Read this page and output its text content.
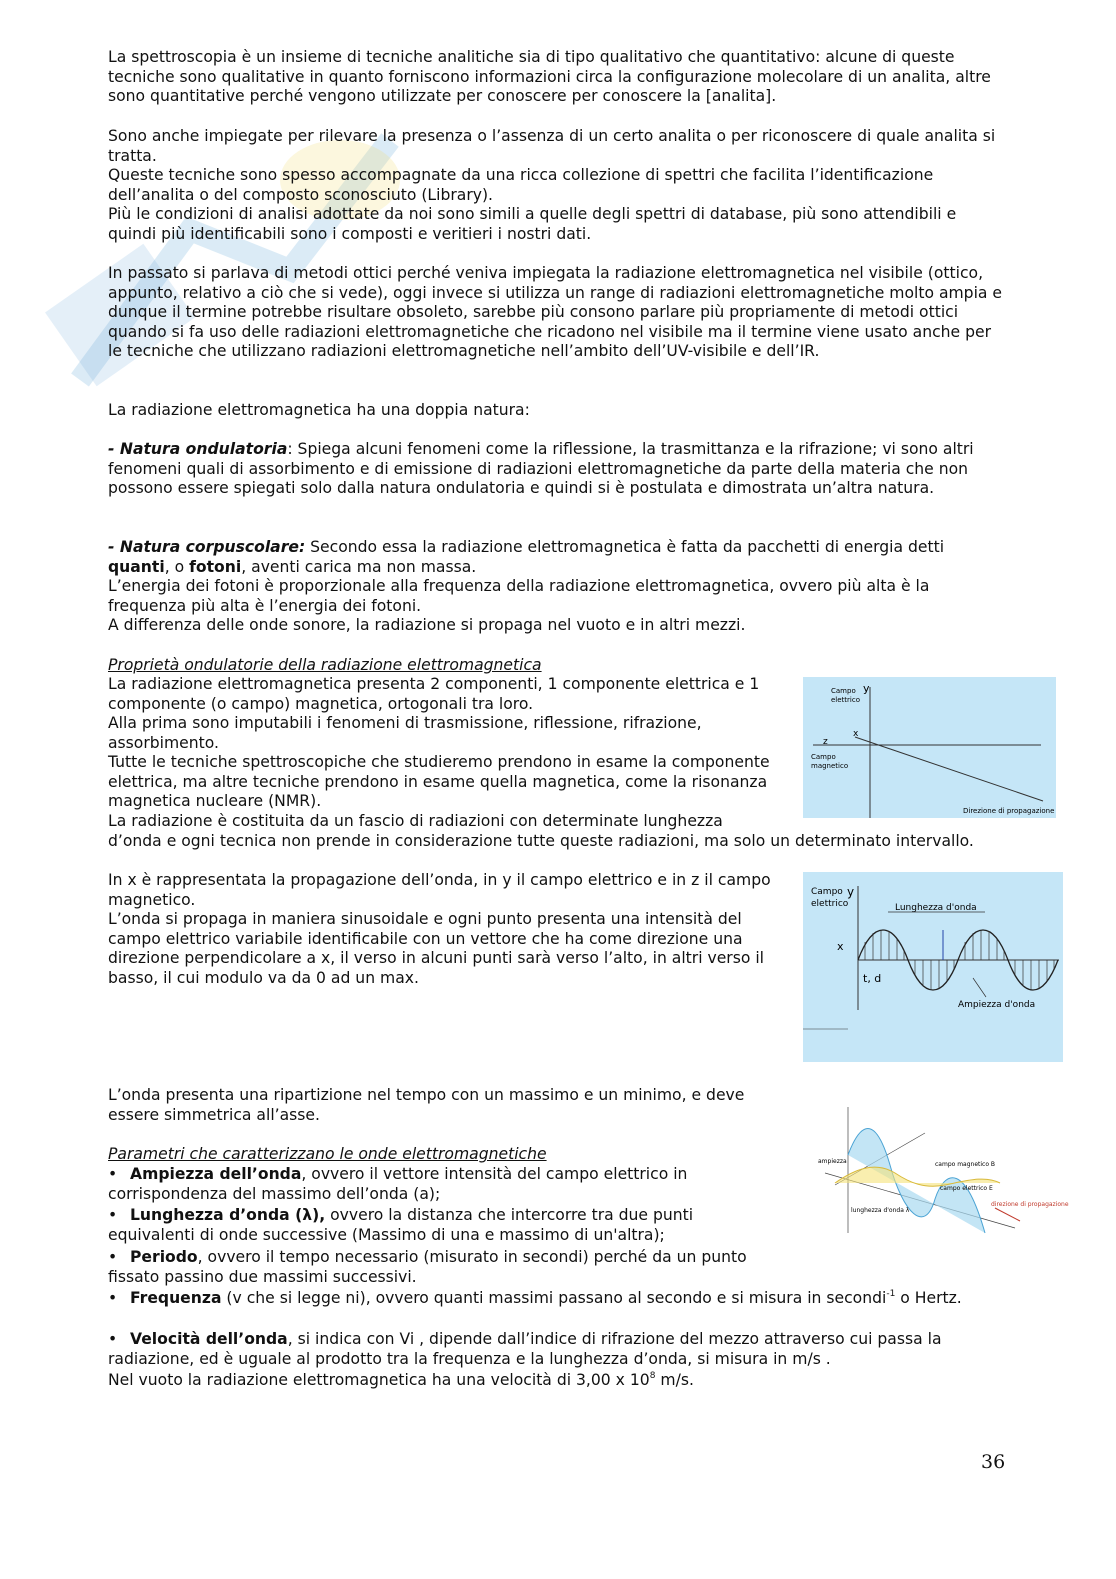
La spettroscopia è un insieme di tecniche analitiche sia di tipo qualitativo che quantitativo: alcune di queste tecniche sono qualitative in quanto forniscono informazioni circa la configurazione molecolare di un analita, altre sono quantitative perché vengono utilizzate per conoscere per conoscere la [analita].

Sono anche impiegate per rilevare la presenza o l’assenza di un certo analita o per riconoscere di quale analita si tratta.

Queste tecniche sono spesso accompagnate da una ricca collezione di spettri che facilita l’identificazione dell’analita o del composto sconosciuto (Library).

Più le condizioni di analisi adottate da noi sono simili a quelle degli spettri di database, più sono attendibili e quindi più identificabili sono i composti e veritieri i nostri dati.

In passato si parlava di metodi ottici perché veniva impiegata la radiazione elettromagnetica nel visibile (ottico, appunto, relativo a ciò che si vede), oggi invece si utilizza un range di radiazioni elettromagnetiche molto ampia e dunque il termine potrebbe risultare obsoleto, sarebbe più consono parlare più propriamente di metodi ottici quando si fa uso delle radiazioni elettromagnetiche che ricadono nel visibile ma il termine viene usato anche per le tecniche che utilizzano radiazioni elettromagnetiche nell’ambito dell’UV-visibile e dell’IR.

La radiazione elettromagnetica ha una doppia natura:

- Natura ondulatoria: Spiega alcuni fenomeni come la riflessione, la trasmittanza e la rifrazione; vi sono altri fenomeni quali di assorbimento e di emissione di radiazioni elettromagnetiche da parte della materia che non possono essere spiegati solo dalla natura ondulatoria e quindi si è postulata e dimostrata un’altra natura.

- Natura corpuscolare: Secondo essa la radiazione elettromagnetica è fatta da pacchetti di energia detti quanti, o fotoni, aventi carica ma non massa.

L’energia dei fotoni è proporzionale alla frequenza della radiazione elettromagnetica, ovvero più alta è la frequenza più alta è l’energia dei fotoni.

A differenza delle onde sonore, la radiazione si propaga nel vuoto e in altri mezzi.

Proprietà ondulatorie della radiazione elettromagnetica

La radiazione elettromagnetica presenta 2 componenti, 1 componente elettrica e 1 componente (o campo) magnetica, ortogonali tra loro.

Alla prima sono imputabili i fenomeni di trasmissione, riflessione, rifrazione, assorbimento.

Tutte le tecniche spettroscopiche che studieremo prendono in esame la componente elettrica, ma altre tecniche prendono in esame quella magnetica, come la risonanza magnetica nucleare (NMR).

La radiazione è costituita da un fascio di radiazioni con determinate lunghezza

d’onda e ogni tecnica non prende in considerazione tutte queste radiazioni, ma solo un determinato intervallo.

In x è rappresentata la propagazione dell’onda, in y il campo elettrico e in z il campo magnetico.

L’onda si propaga in maniera sinusoidale e ogni punto presenta una intensità del campo elettrico variabile identificabile con un vettore che ha come direzione una direzione perpendicolare a x, il verso in alcuni punti sarà verso l’alto, in altri verso il basso, il cui modulo va da 0 ad un max.

L’onda presenta una ripartizione nel tempo con un massimo e un minimo, e deve essere simmetrica all’asse.

Parametri che caratterizzano le onde elettromagnetiche

• Ampiezza dell’onda, ovvero il vettore intensità del campo elettrico in corrispondenza del massimo dell’onda (a);

• Lunghezza d’onda (λ), ovvero la distanza che intercorre tra due punti equivalenti di onde successive (Massimo di una e massimo di un'altra);

• Periodo, ovvero il tempo necessario (misurato in secondi) perché da un punto fissato passino due massimi successivi.

• Frequenza (v che si legge ni), ovvero quanti massimi passano al secondo e si misura in secondi$^{-1}$ o Hertz.

• Velocità dell’onda, si indica con Vi , dipende dall’indice di rifrazione del mezzo attraverso cui passa la radiazione, ed è uguale al prodotto tra la frequenza e la lunghezza d’onda, si misura in m/s .

Nel vuoto la radiazione elettromagnetica ha una velocità di 3,00 x $10^8$ m/s.

y
Campo
elettrico
x
z
Campo
magnetico
Direzione di propagazione
Campo
elettrico
y
x
t, d
Lunghezza d'onda
Ampiezza d'onda
ampiezza	campo magnetico B
campo elettrico E
lunghezza d'onda λ
direzione di propagazione
36
